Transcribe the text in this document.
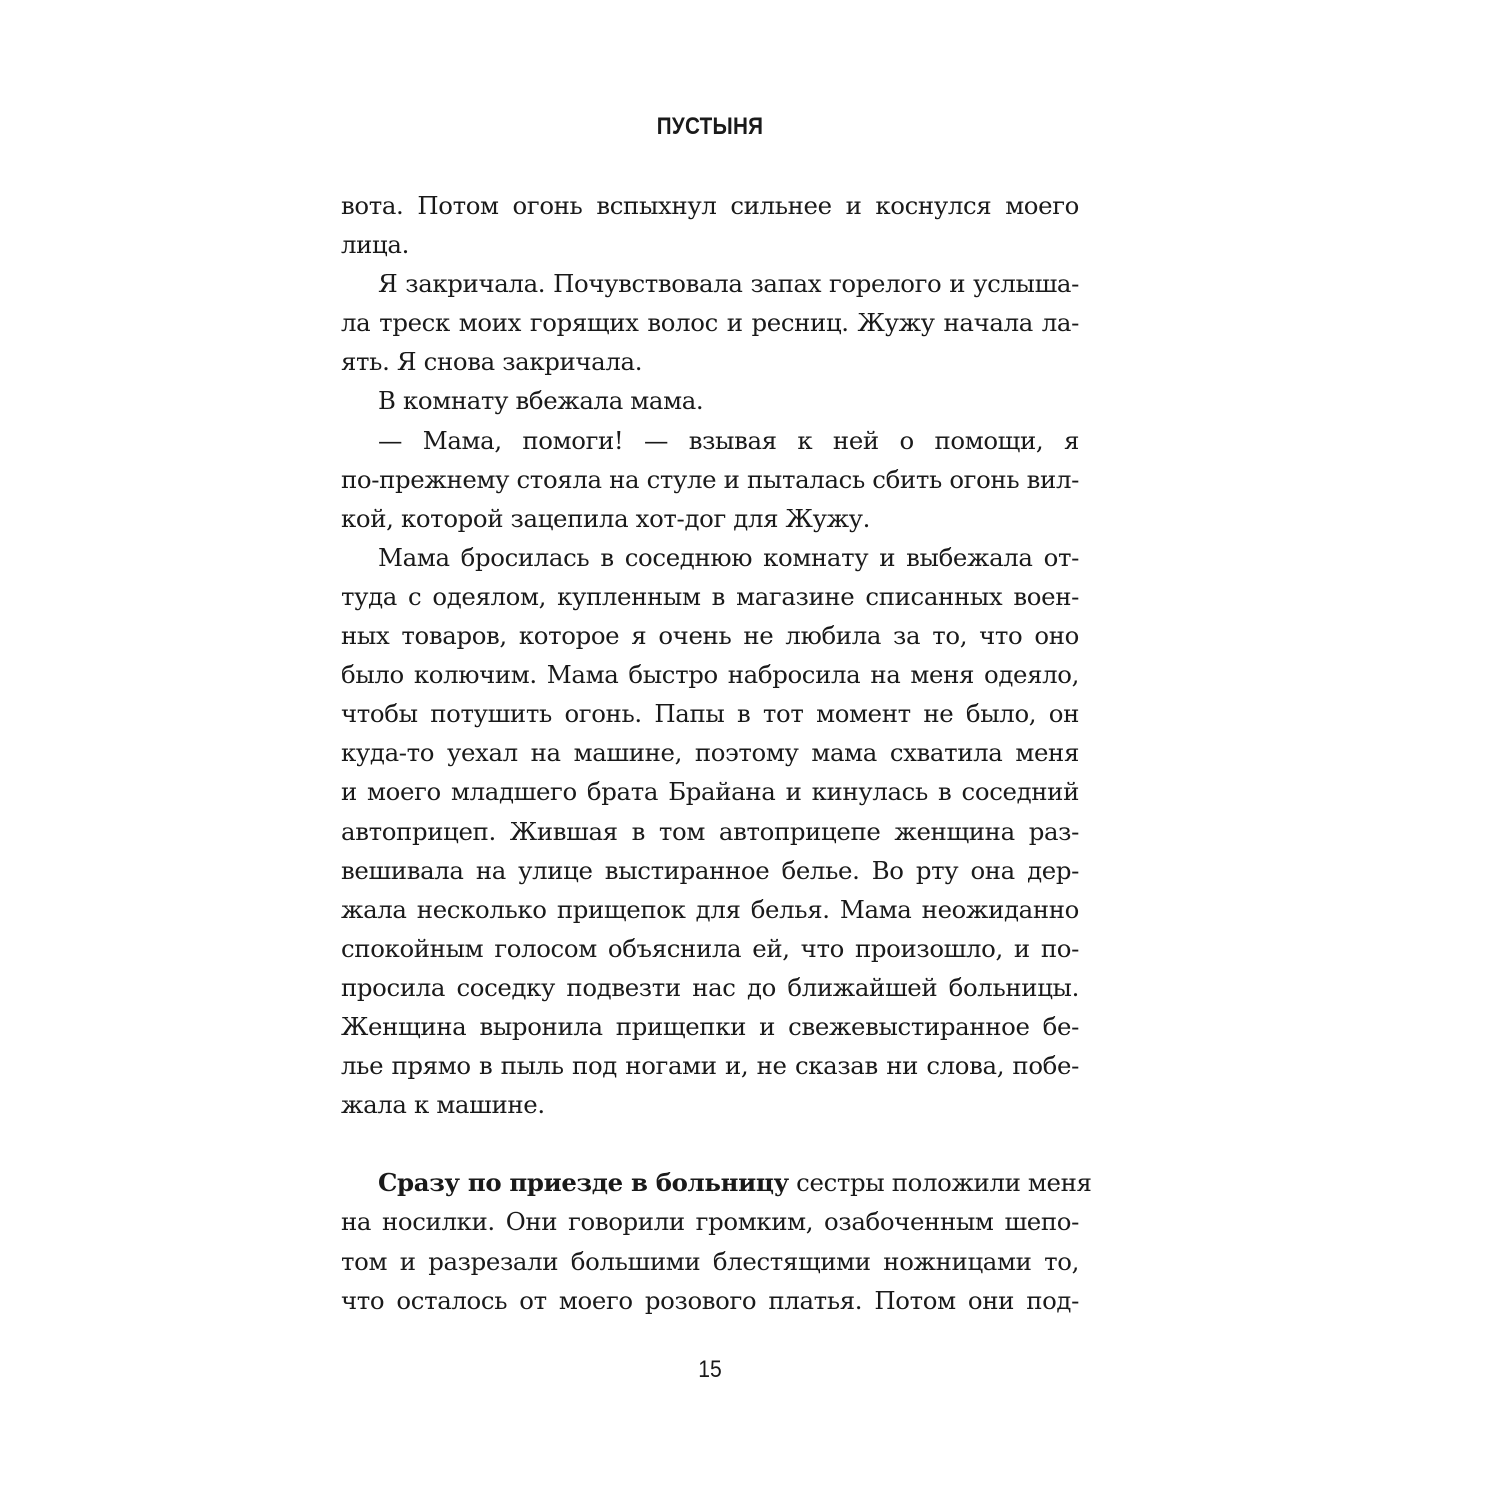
ПУСТЫНЯ
вота. Потом огонь вспыхнул сильнее и коснулся моего
лица.
Я закричала. Почувствовала запах горелого и услыша-
ла треск моих горящих волос и ресниц. Жужу начала ла-
ять. Я снова закричала.
В комнату вбежала мама.
— Мама, помоги! — взывая к ней о помощи, я
по-прежнему стояла на стуле и пыталась сбить огонь вил-
кой, которой зацепила хот-дог для Жужу.
Мама бросилась в соседнюю комнату и выбежала от-
туда с одеялом, купленным в магазине списанных воен-
ных товаров, которое я очень не любила за то, что оно
было колючим. Мама быстро набросила на меня одеяло,
чтобы потушить огонь. Папы в тот момент не было, он
куда-то уехал на машине, поэтому мама схватила меня
и моего младшего брата Брайана и кинулась в соседний
автоприцеп. Жившая в том автоприцепе женщина раз-
вешивала на улице выстиранное белье. Во рту она дер-
жала несколько прищепок для белья. Мама неожиданно
спокойным голосом объяснила ей, что произошло, и по-
просила соседку подвезти нас до ближайшей больницы.
Женщина выронила прищепки и свежевыстиранное бе-
лье прямо в пыль под ногами и, не сказав ни слова, побе-
жала к машине.
Сразу по приезде в больницу сестры положили меня
на носилки. Они говорили громким, озабоченным шепо-
том и разрезали большими блестящими ножницами то,
что осталось от моего розового платья. Потом они под-
15
